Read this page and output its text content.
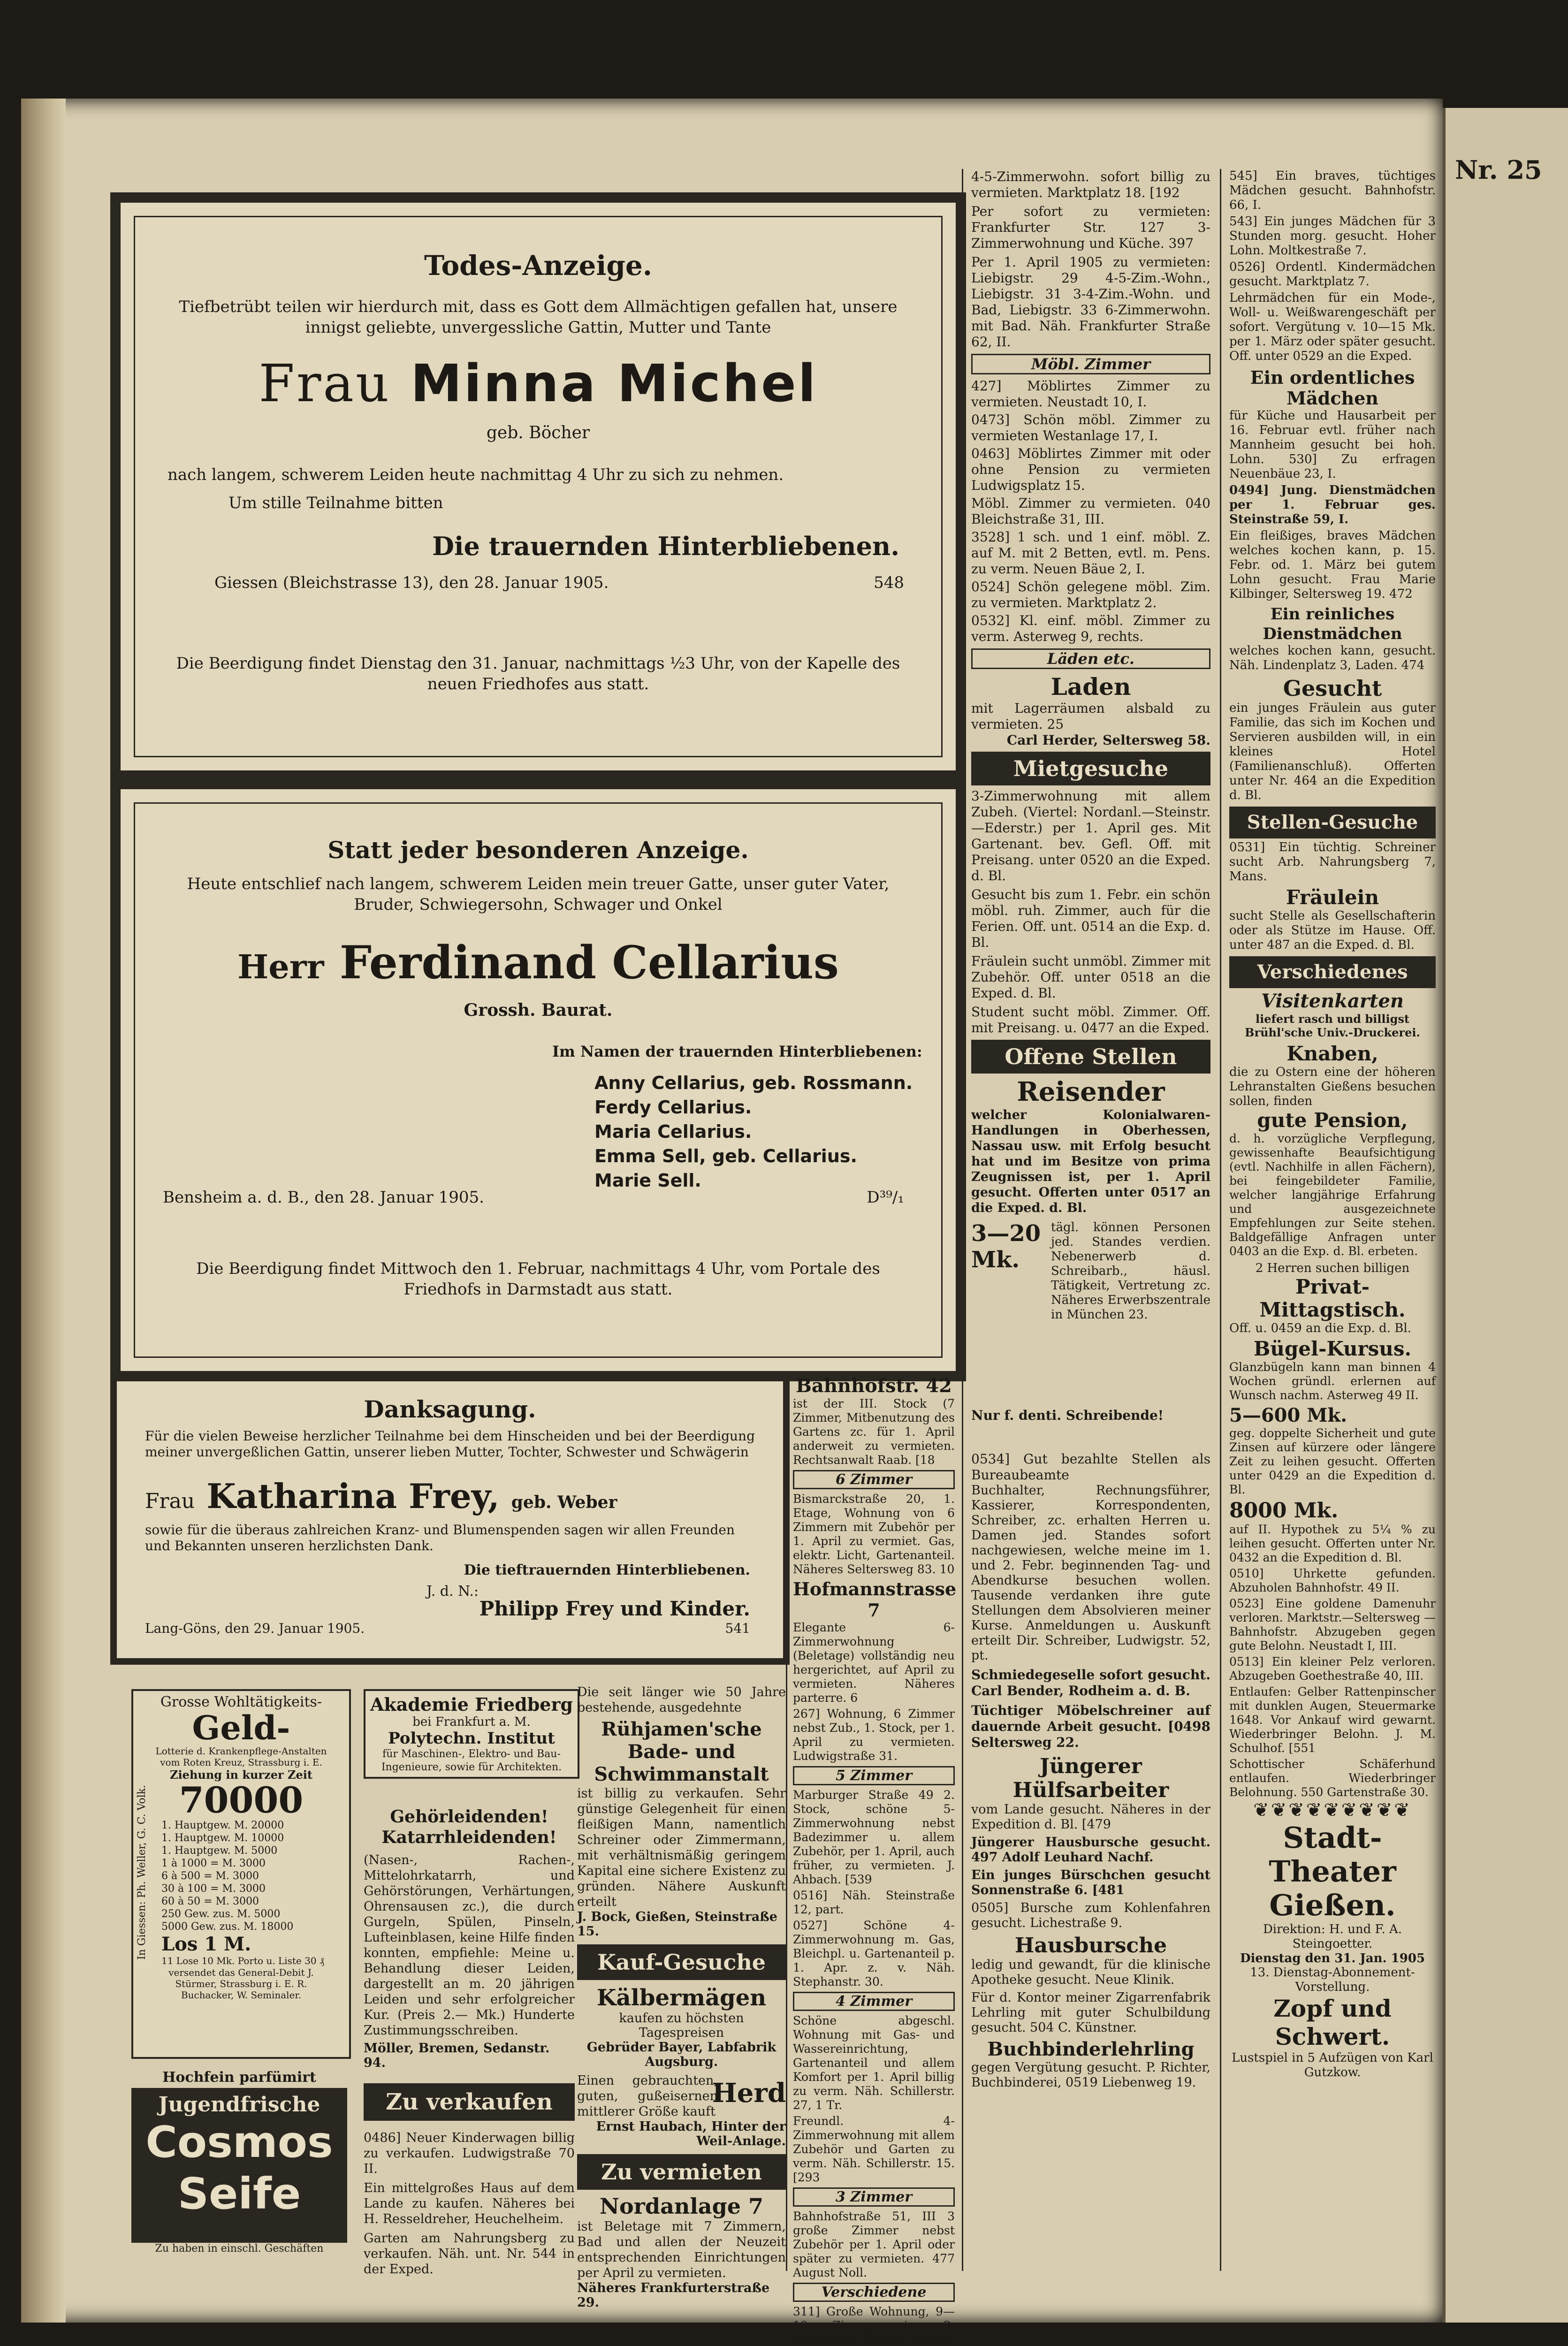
Todes-Anzeige.
Tiefbetrübt teilen wir hierdurch mit, dass es Gott dem Allmächtigen gefallen hat, unsere innigst geliebte, unvergessliche Gattin, Mutter und Tante
Frau Minna Michel
geb. Böcher
nach langem, schwerem Leiden heute nachmittag 4 Uhr zu sich zu nehmen.
Um stille Teilnahme bitten
Die trauernden Hinterbliebenen.
Giessen (Bleichstrasse 13), den 28. Januar 1905.	548
Die Beerdigung findet Dienstag den 31. Januar, nachmittags ½3 Uhr, von der Kapelle des neuen Friedhofes aus statt.
Statt jeder besonderen Anzeige.
Heute entschlief nach langem, schwerem Leiden mein treuer Gatte, unser guter Vater, Bruder, Schwiegersohn, Schwager und Onkel
Herr Ferdinand Cellarius
Grossh. Baurat.
Im Namen der trauernden Hinterbliebenen:
Anny Cellarius, geb. Rossmann.
Ferdy Cellarius.
Maria Cellarius.
Emma Sell, geb. Cellarius.
Marie Sell.
Bensheim a. d. B., den 28. Januar 1905.	D³⁹/₁
Die Beerdigung findet Mittwoch den 1. Februar, nachmittags 4 Uhr, vom Portale des Friedhofs in Darmstadt aus statt.
Danksagung.
Für die vielen Beweise herzlicher Teilnahme bei dem Hinscheiden und bei der Beerdigung meiner unvergeßlichen Gattin, unserer lieben Mutter, Tochter, Schwester und Schwägerin
Frau Katharina Frey, geb. Weber
sowie für die überaus zahlreichen Kranz- und Blumenspenden sagen wir allen Freunden und Bekannten unseren herzlichsten Dank.
Die tieftrauernden Hinterbliebenen.
J. d. N.:
Philipp Frey und Kinder.
Lang-Göns, den 29. Januar 1905.	541
Grosse Wohltätigkeits-
Geld-
Lotterie d. Krankenpflege-Anstalten vom Roten Kreuz, Strassburg i. E.
Ziehung in kurzer Zeit
70000
1. Hauptgew. M. 20000
1. Hauptgew. M. 10000
1. Hauptgew. M. 5000
1 à 1000 = M. 3000
6 à 500 = M. 3000
30 à 100 = M. 3000
60 à 50 = M. 3000
250 Gew. zus. M. 5000
5000 Gew. zus. M. 18000
Los 1 M.
11 Lose 10 Mk. Porto u. Liste 30 ₰
versendet das General-Debit J. Stürmer, Strassburg i. E. R. Buchacker, W. Seminaler.
In Giessen: Ph. Weller, G. C. Volk.
Hochfein parfümirt
Jugendfrische
Cosmos Seife
Zu haben in einschl. Geschäften
Akademie Friedberg
bei Frankfurt a. M.
Polytechn. Institut
für Maschinen-, Elektro- und Bau-Ingenieure, sowie für Architekten.
Gehörleidenden! Katarrhleidenden!
(Nasen-, Rachen-, Mittelohrkatarrh, und Gehörstörungen, Verhärtungen, Ohrensausen zc.), die durch Gurgeln, Spülen, Pinseln, Lufteinblasen, keine Hilfe finden konnten, empfiehle: Meine u. Behandlung dieser Leiden, dargestellt an m. 20 jährigen Leiden und sehr erfolgreicher Kur. (Preis 2.— Mk.) Hunderte Zustimmungsschreiben.
Möller, Bremen, Sedanstr. 94.
Zu verkaufen
0486] Neuer Kinderwagen billig zu verkaufen. Ludwigstraße 70 II.
Ein mittelgroßes Haus auf dem Lande zu kaufen. Näheres bei H. Resseldreher, Heuchelheim.
Garten am Nahrungsberg zu verkaufen. Näh. unt. Nr. 544 in der Exped.
Die seit länger wie 50 Jahre bestehende, ausgedehnte
Rühjamen'sche Bade- und Schwimmanstalt
ist billig zu verkaufen. Sehr günstige Gelegenheit für einen fleißigen Mann, namentlich Schreiner oder Zimmermann, mit verhältnismäßig geringem Kapital eine sichere Existenz zu gründen. Nähere Auskunft erteilt
J. Bock, Gießen, Steinstraße 15.
Kauf-Gesuche
Kälbermägen
kaufen zu höchsten Tagespreisen
Gebrüder Bayer, Labfabrik Augsburg.
Einen gebrauchten, guten, gußeisernen mittlerer Größe kauft
Herd
Ernst Haubach, Hinter der Weil-Anlage.
Zu vermieten
Nordanlage 7
ist Beletage mit 7 Zimmern, Bad und allen der Neuzeit entsprechenden Einrichtungen per April zu vermieten.
Näheres Frankfurterstraße 29.
4-5-Zimmerwohn. sofort billig zu vermieten. Marktplatz 18. [192
Per sofort zu vermieten: Frankfurter Str. 127 3-Zimmerwohnung und Küche. 397
Per 1. April 1905 zu vermieten: Liebigstr. 29 4-5-Zim.-Wohn., Liebigstr. 31 3-4-Zim.-Wohn. und Bad, Liebigstr. 33 6-Zimmerwohn. mit Bad. Näh. Frankfurter Straße 62, II.
Möbl. Zimmer
427] Möblirtes Zimmer zu vermieten. Neustadt 10, I.
0473] Schön möbl. Zimmer zu vermieten Westanlage 17, I.
0463] Möblirtes Zimmer mit oder ohne Pension zu vermieten Ludwigsplatz 15.
Möbl. Zimmer zu vermieten. 040 Bleichstraße 31, III.
3528] 1 sch. und 1 einf. möbl. Z. auf M. mit 2 Betten, evtl. m. Pens. zu verm. Neuen Bäue 2, I.
0524] Schön gelegene möbl. Zim. zu vermieten. Marktplatz 2.
0532] Kl. einf. möbl. Zimmer zu verm. Asterweg 9, rechts.
Läden etc.
Laden
mit Lagerräumen alsbald zu vermieten. 25
Carl Herder, Seltersweg 58.
Mietgesuche
3-Zimmerwohnung mit allem Zubeh. (Viertel: Nordanl.—Steinstr.—Ederstr.) per 1. April ges. Mit Gartenant. bev. Gefl. Off. mit Preisang. unter 0520 an die Exped. d. Bl.
Gesucht bis zum 1. Febr. ein schön möbl. ruh. Zimmer, auch für die Ferien. Off. unt. 0514 an die Exp. d. Bl.
Fräulein sucht unmöbl. Zimmer mit Zubehör. Off. unter 0518 an die Exped. d. Bl.
Student sucht möbl. Zimmer. Off. mit Preisang. u. 0477 an die Exped.
Offene Stellen
Reisender
welcher Kolonialwaren-Handlungen in Oberhessen, Nassau usw. mit Erfolg besucht hat und im Besitze von prima Zeugnissen ist, per 1. April gesucht. Offerten unter 0517 an die Exped. d. Bl.
3—20 Mk.
tägl. können Personen jed. Standes verdien. Nebenerwerb d. Schreibarb., häusl. Tätigkeit, Vertretung zc. Näheres Erwerbszentrale in München 23.
Bahnhofstr. 42
ist der III. Stock (7 Zimmer, Mitbenutzung des Gartens zc. für 1. April anderweit zu vermieten. Rechtsanwalt Raab. [18
6 Zimmer
Bismarckstraße 20, 1. Etage, Wohnung von 6 Zimmern mit Zubehör per 1. April zu vermiet. Gas, elektr. Licht, Gartenanteil. Näheres Seltersweg 83. 10
Hofmannstrasse 7
Elegante 6-Zimmerwohnung (Beletage) vollständig neu hergerichtet, auf April zu vermieten. Näheres parterre. 6
267] Wohnung, 6 Zimmer nebst Zub., 1. Stock, per 1. April zu vermieten. Ludwigstraße 31.
5 Zimmer
Marburger Straße 49 2. Stock, schöne 5-Zimmerwohnung nebst Badezimmer u. allem Zubehör, per 1. April, auch früher, zu vermieten. J. Ahbach. [539
0516] Näh. Steinstraße 12, part.
0527] Schöne 4-Zimmerwohnung m. Gas, Bleichpl. u. Gartenanteil p. 1. Apr. z. v. Näh. Stephanstr. 30.
4 Zimmer
Schöne abgeschl. Wohnung mit Gas- und Wassereinrichtung, Gartenanteil und allem Komfort per 1. April billig zu verm. Näh. Schillerstr. 27, 1 Tr.
Freundl. 4-Zimmerwohnung mit allem Zubehör und Garten zu verm. Näh. Schillerstr. 15. [293
3 Zimmer
Bahnhofstraße 51, III 3 große Zimmer nebst Zubehör per 1. April oder später zu vermieten. 477 August Noll.
Verschiedene
311] Große Wohnung, 9—10 Zimmer im 2. Stockwerk, event. weitere
Nur f. denti. Schreibende!
0534] Gut bezahlte Stellen als Bureaubeamte
Buchhalter, Rechnungsführer, Kassierer, Korrespondenten, Schreiber, zc. erhalten Herren u. Damen jed. Standes sofort nachgewiesen, welche meine im 1. und 2. Febr. beginnenden Tag- und Abendkurse besuchen wollen. Tausende verdanken ihre gute Stellungen dem Absolvieren meiner Kurse. Anmeldungen u. Auskunft erteilt Dir. Schreiber, Ludwigstr. 52, pt.
Schmiedegeselle sofort gesucht. Carl Bender, Rodheim a. d. B.
Tüchtiger Möbelschreiner auf dauernde Arbeit gesucht. [0498 Seltersweg 22.
Jüngerer Hülfsarbeiter
vom Lande gesucht. Näheres in der Expedition d. Bl. [479
Jüngerer Hausbursche gesucht. 497 Adolf Leuhard Nachf.
Ein junges Bürschchen gesucht Sonnenstraße 6. [481
0505] Bursche zum Kohlenfahren gesucht. Lichestraße 9.
Hausbursche
ledig und gewandt, für die klinische Apotheke gesucht. Neue Klinik.
Für d. Kontor meiner Zigarrenfabrik Lehrling mit guter Schulbildung gesucht. 504 C. Künstner.
Buchbinderlehrling
gegen Vergütung gesucht. P. Richter, Buchbinderei, 0519 Liebenweg 19.
545] Ein braves, tüchtiges Mädchen gesucht. Bahnhofstr. 66, I.
543] Ein junges Mädchen für 3 Stunden morg. gesucht. Hoher Lohn. Moltkestraße 7.
0526] Ordentl. Kindermädchen gesucht. Marktplatz 7.
Lehrmädchen für ein Mode-, Woll- u. Weißwarengeschäft per sofort. Vergütung v. 10—15 Mk. per 1. März oder später gesucht. Off. unter 0529 an die Exped.
Ein ordentliches Mädchen
für Küche und Hausarbeit per 16. Februar evtl. früher nach Mannheim gesucht bei hoh. Lohn. 530] Zu erfragen Neuenbäue 23, I.
0494] Jung. Dienstmädchen per 1. Februar ges. Steinstraße 59, I.
Ein fleißiges, braves Mädchen welches kochen kann, p. 15. Febr. od. 1. März bei gutem Lohn gesucht. Frau Marie Kilbinger, Seltersweg 19. 472
Ein reinliches Dienstmädchen
welches kochen kann, gesucht. Näh. Lindenplatz 3, Laden. 474
Gesucht
ein junges Fräulein aus guter Familie, das sich im Kochen und Servieren ausbilden will, in ein kleines Hotel (Familienanschluß). Offerten unter Nr. 464 an die Expedition d. Bl.
Stellen-Gesuche
0531] Ein tüchtig. Schreiner sucht Arb. Nahrungsberg 7, Mans.
Fräulein
sucht Stelle als Gesellschafterin oder als Stütze im Hause. Off. unter 487 an die Exped. d. Bl.
Verschiedenes
Visitenkarten
liefert rasch und billigst Brühl'sche Univ.-Druckerei.
Knaben,
die zu Ostern eine der höheren Lehranstalten Gießens besuchen sollen, finden
gute Pension,
d. h. vorzügliche Verpflegung, gewissenhafte Beaufsichtigung (evtl. Nachhilfe in allen Fächern), bei feingebildeter Familie, welcher langjährige Erfahrung und ausgezeichnete Empfehlungen zur Seite stehen. Baldgefällige Anfragen unter 0403 an die Exp. d. Bl. erbeten.
2 Herren suchen billigen
Privat-Mittagstisch.
Off. u. 0459 an die Exp. d. Bl.
Bügel-Kursus.
Glanzbügeln kann man binnen 4 Wochen gründl. erlernen auf Wunsch nachm. Asterweg 49 II.
5—600 Mk.
geg. doppelte Sicherheit und gute Zinsen auf kürzere oder längere Zeit zu leihen gesucht. Offerten unter 0429 an die Expedition d. Bl.
8000 Mk.
auf II. Hypothek zu 5¼ % zu leihen gesucht. Offerten unter Nr. 0432 an die Expedition d. Bl.
0510] Uhrkette gefunden. Abzuholen Bahnhofstr. 49 II.
0523] Eine goldene Damenuhr verloren. Marktstr.—Seltersweg —Bahnhofstr. Abzugeben gegen gute Belohn. Neustadt I, III.
0513] Ein kleiner Pelz verloren. Abzugeben Goethestraße 40, III.
Entlaufen: Gelber Rattenpinscher mit dunklen Augen, Steuermarke 1648. Vor Ankauf wird gewarnt. Wiederbringer Belohn. J. M. Schulhof. [551
Schottischer Schäferhund entlaufen. Wiederbringer Belohnung. 550 Gartenstraße 30.
❦❦❦❦❦❦❦❦❦
Stadt-Theater Gießen.
Direktion: H. und F. A. Steingoetter.
Dienstag den 31. Jan. 1905
13. Dienstag-Abonnement-Vorstellung.
Zopf und Schwert.
Lustspiel in 5 Aufzügen von Karl Gutzkow.
Nr. 25
